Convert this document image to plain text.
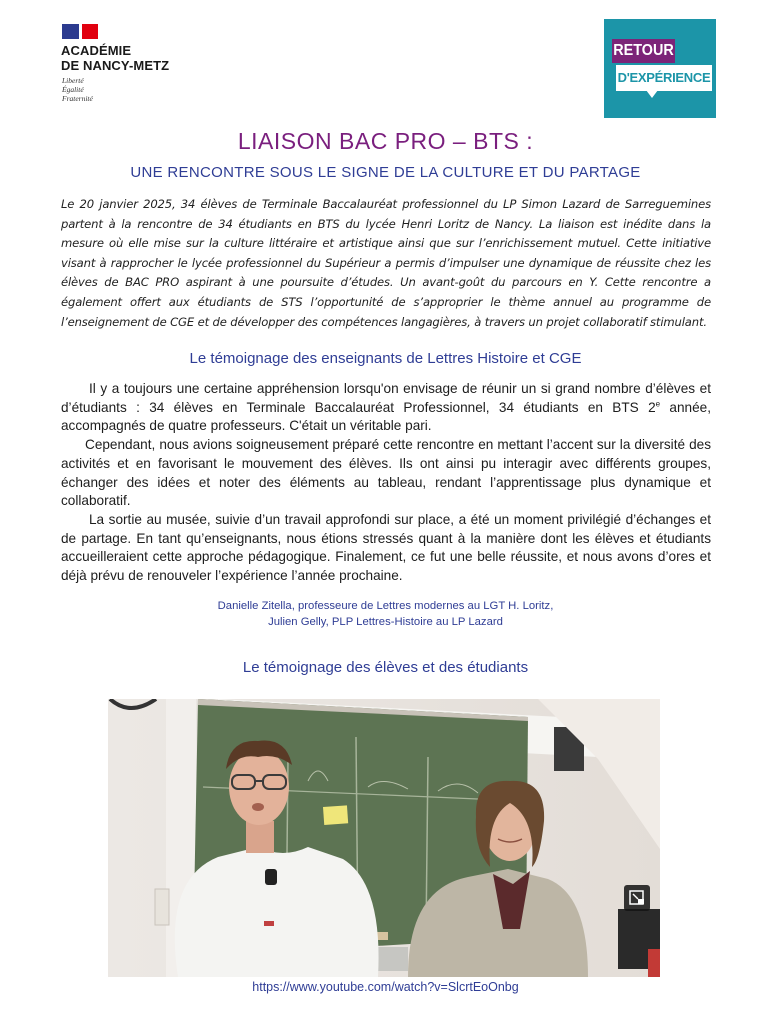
ACADÉMIE
DE NANCY-METZ
Liberté
Égalité
Fraternité
RETOUR
D'EXPÉRIENCE
LIAISON BAC PRO – BTS :
UNE RENCONTRE SOUS LE SIGNE DE LA CULTURE ET DU PARTAGE
Le 20 janvier 2025, 34 élèves de Terminale Baccalauréat professionnel du LP Simon Lazard de Sarreguemines partent à la rencontre de 34 étudiants en BTS du lycée Henri Loritz de Nancy. La liaison est inédite dans la mesure où elle mise sur la culture littéraire et artistique ainsi que sur l’enrichissement mutuel. Cette initiative visant à rapprocher le lycée professionnel du Supérieur a permis d’impulser une dynamique de réussite chez les élèves de BAC PRO aspirant à une poursuite d’études. Un avant-goût du parcours en Y. Cette rencontre a également offert aux étudiants de STS l’opportunité de s’approprier le thème annuel au programme de l’enseignement de CGE et de développer des compétences langagières, à travers un projet collaboratif stimulant.
Le témoignage des enseignants de Lettres Histoire et CGE

Il y a toujours une certaine appréhension lorsqu'on envisage de réunir un si grand nombre d’élèves et d’étudiants : 34 élèves en Terminale Baccalauréat Professionnel, 34 étudiants en BTS 2e année, accompagnés de quatre professeurs. C'était un véritable pari.

Cependant, nous avions soigneusement préparé cette rencontre en mettant l’accent sur la diversité des activités et en favorisant le mouvement des élèves. Ils ont ainsi pu interagir avec différents groupes, échanger des idées et noter des éléments au tableau, rendant l’apprentissage plus dynamique et collaboratif.

La sortie au musée, suivie d’un travail approfondi sur place, a été un moment privilégié d’échanges et de partage. En tant qu’enseignants, nous étions stressés quant à la manière dont les élèves et étudiants accueilleraient cette approche pédagogique. Finalement, ce fut une belle réussite, et nous avons d’ores et déjà prévu de renouveler l’expérience l’année prochaine.

Danielle Zitella, professeure de Lettres modernes au LGT H. Loritz,
Julien Gelly, PLP Lettres-Histoire au LP Lazard
Le témoignage des élèves et des étudiants
https://www.youtube.com/watch?v=SlcrtEoOnbg
